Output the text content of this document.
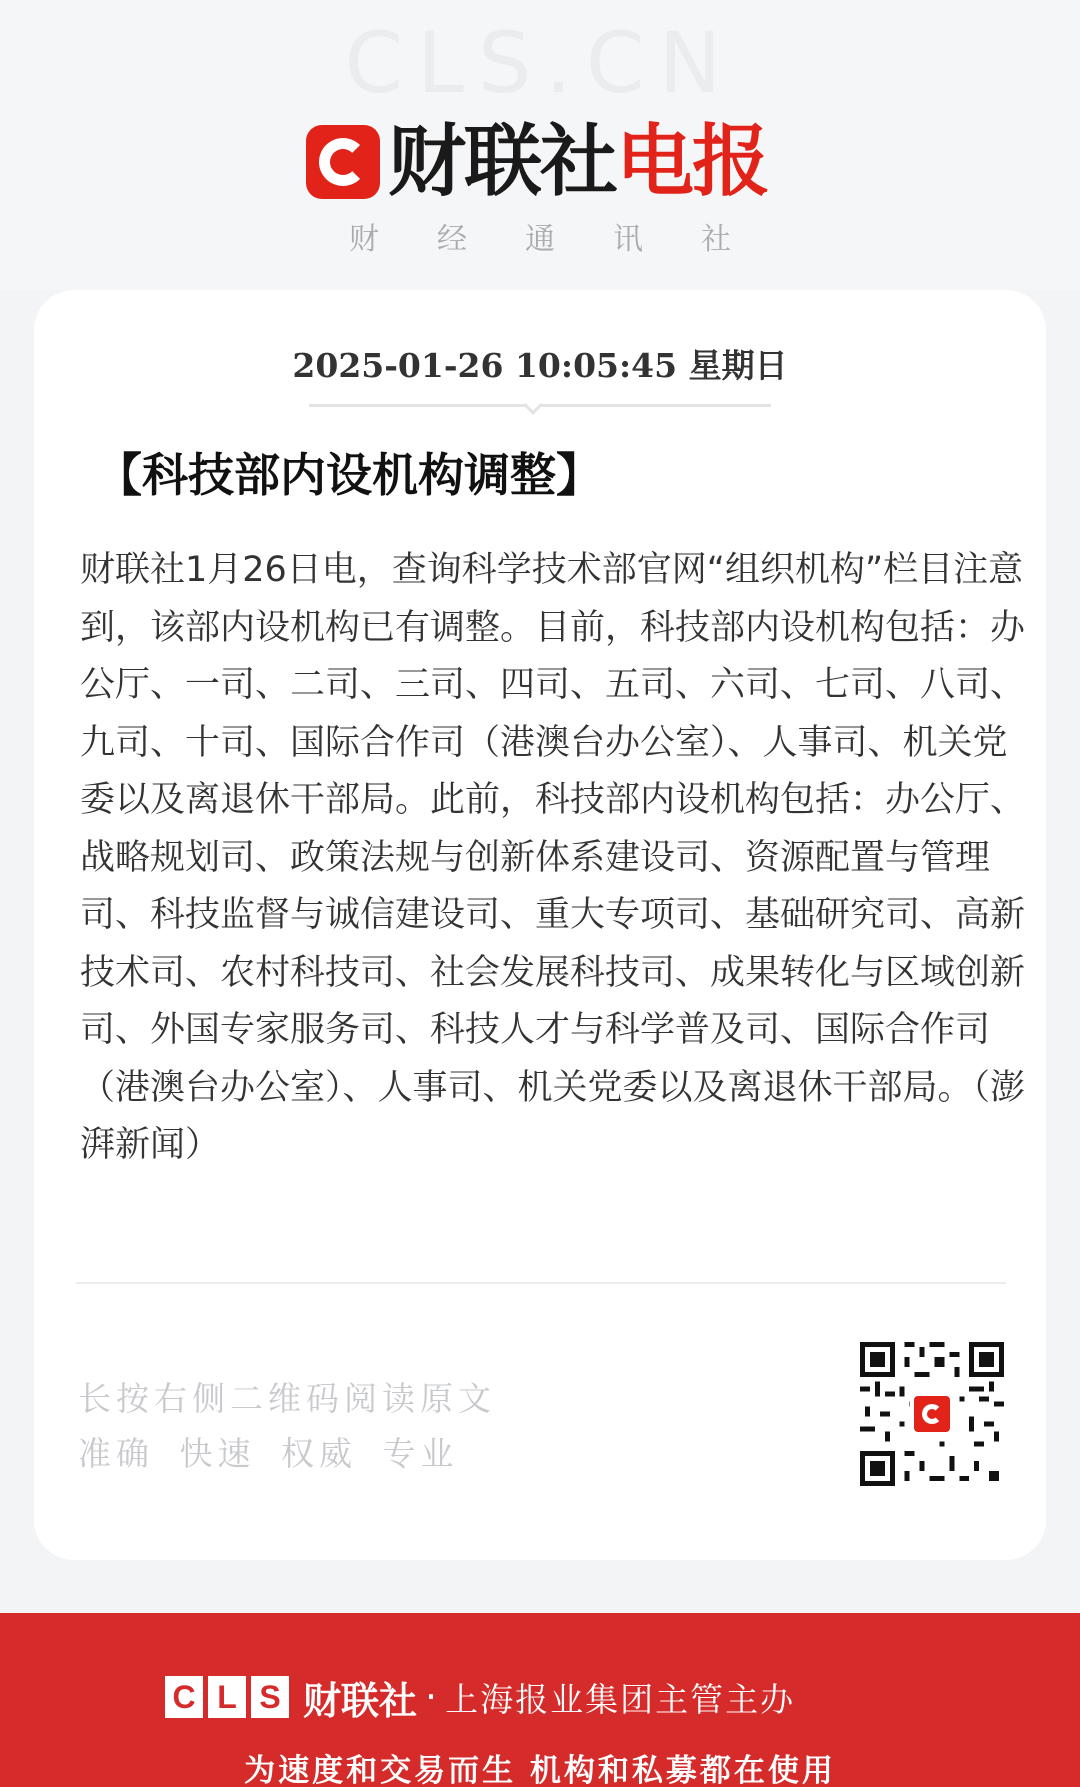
CLS.CN
财联社 电报
财经通讯社
2025-01-26 10:05:45 星期日
【科技部内设机构调整】
财联社1月26日电，查询科学技术部官网“组织机构”栏目注意到，该部内设机构已有调整。目前，科技部内设机构包括：办公厅、一司、二司、三司、四司、五司、六司、七司、八司、九司、十司、国际合作司（港澳台办公室）、人事司、机关党委以及离退休干部局。此前，科技部内设机构包括：办公厅、战略规划司、政策法规与创新体系建设司、资源配置与管理司、科技监督与诚信建设司、重大专项司、基础研究司、高新技术司、农村科技司、社会发展科技司、成果转化与区域创新司、外国专家服务司、科技人才与科学普及司、国际合作司（港澳台办公室）、人事司、机关党委以及离退休干部局。（澎湃新闻）
长按右侧二维码阅读原文
准确 快速 权威 专业
C L S 财联社 · 上海报业集团主管主办
为速度和交易而生 机构和私募都在使用
